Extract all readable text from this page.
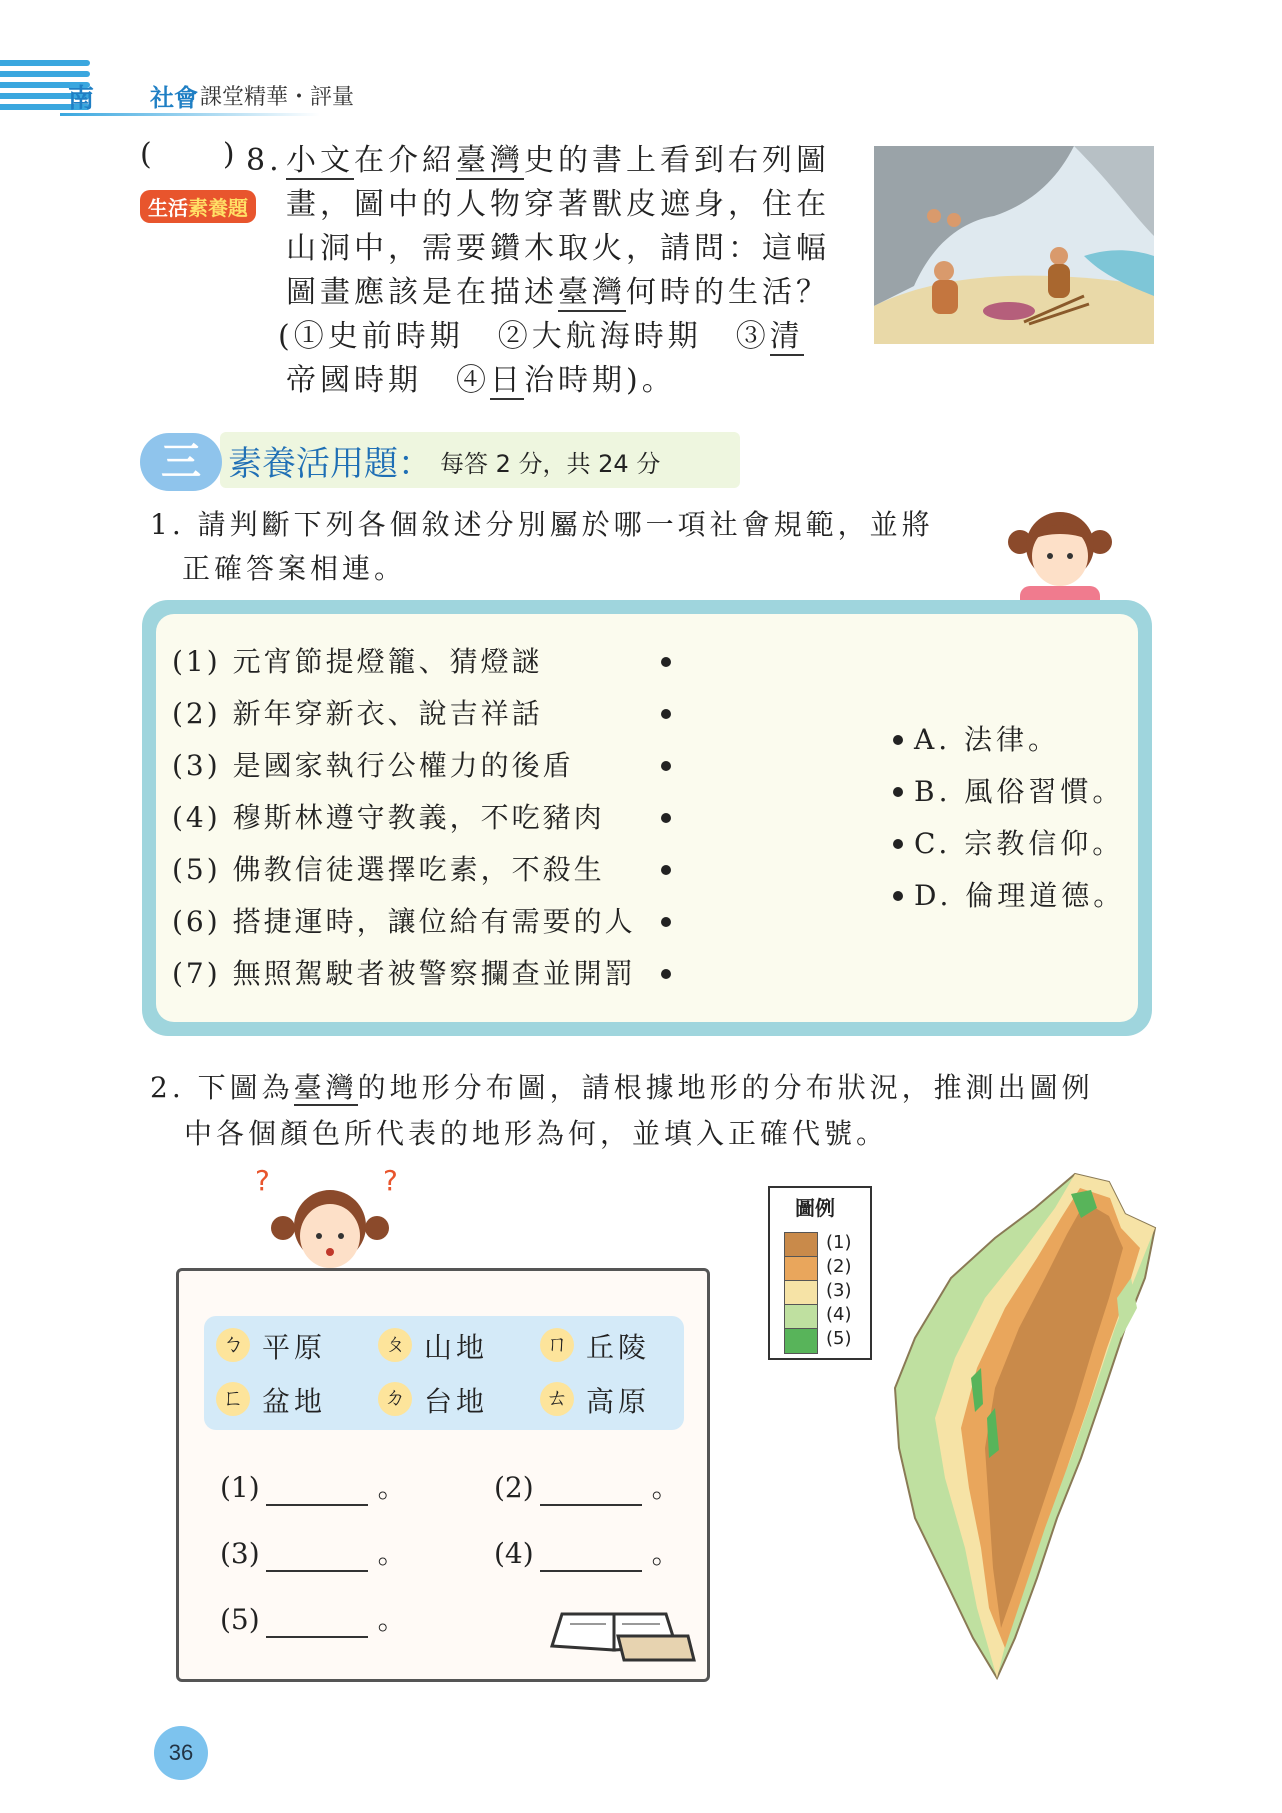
南 社會 課堂精華・評量
( ) 8.
生活素養題
小文在介紹臺灣史的書上看到右列圖
畫，圖中的人物穿著獸皮遮身，住在
山洞中，需要鑽木取火，請問：這幅
圖畫應該是在描述臺灣何時的生活？
(①史前時期　②大航海時期　③清
帝國時期　④日治時期)。
三 素養活用題： 每答 2 分，共 24 分
1. 請判斷下列各個敘述分別屬於哪一項社會規範，並將
正確答案相連。
(1) 元宵節提燈籠、猜燈謎
(2) 新年穿新衣、說吉祥話
(3) 是國家執行公權力的後盾
(4) 穆斯林遵守教義，不吃豬肉
(5) 佛教信徒選擇吃素，不殺生
(6) 搭捷運時，讓位給有需要的人
(7) 無照駕駛者被警察攔查並開罰
A. 法律。
B. 風俗習慣。
C. 宗教信仰。
D. 倫理道德。
2. 下圖為臺灣的地形分布圖，請根據地形的分布狀況，推測出圖例
中各個顏色所代表的地形為何，並填入正確代號。
?	?
ㄅ 平原	ㄆ 山地	ㄇ 丘陵
ㄈ 盆地	ㄉ 台地	ㄊ 高原
(1)	。	(2)	。
(3)	。	(4)	。
(5)	。
圖例
(1)
(2)
(3)
(4)
(5)
36
